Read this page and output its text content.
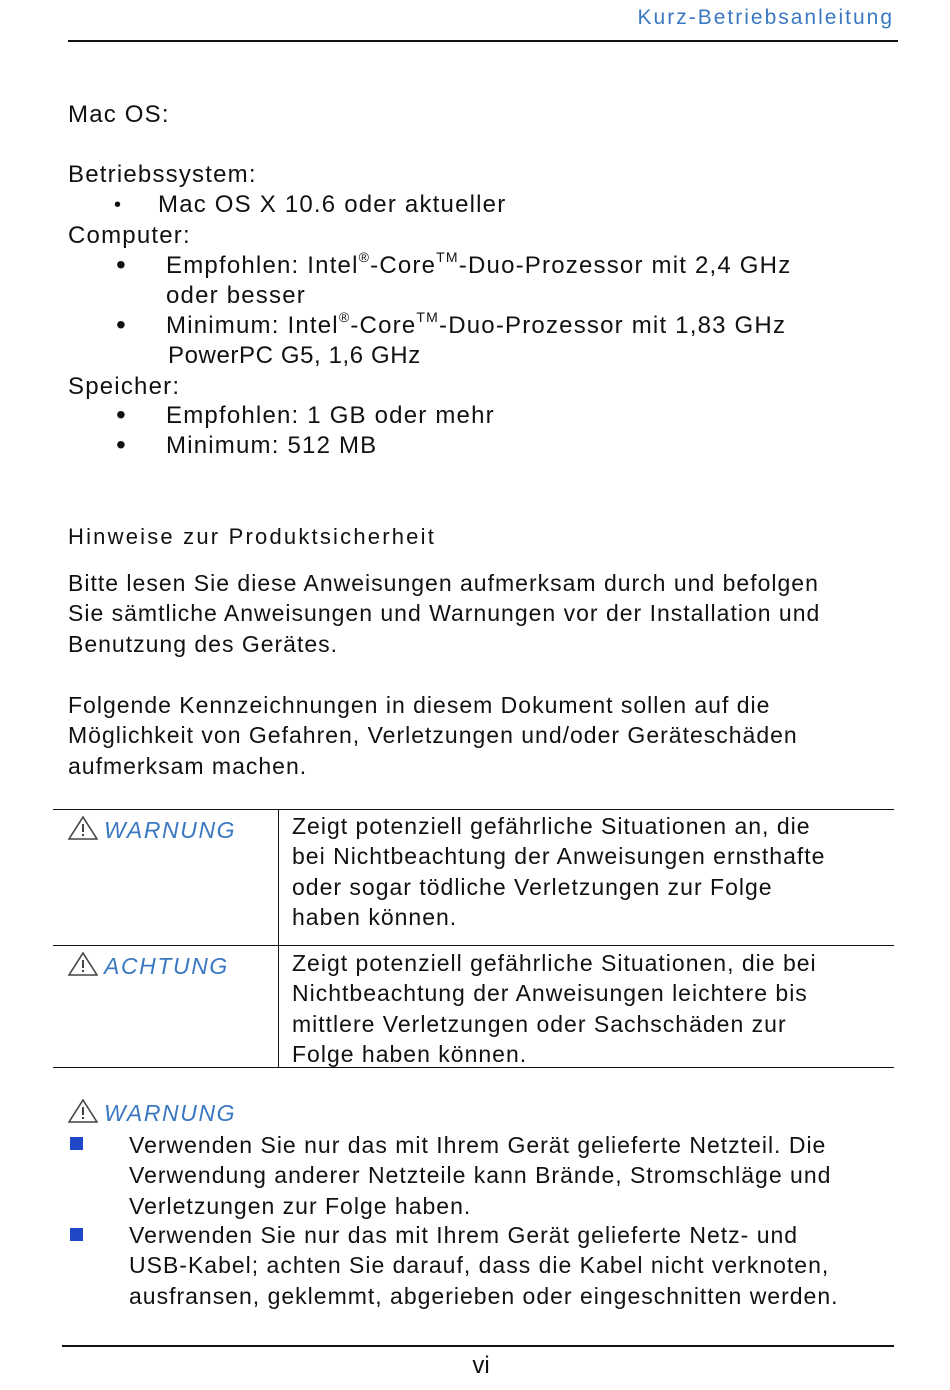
Kurz-Betriebsanleitung
Mac OS:
Betriebssystem:
• Mac OS X 10.6 oder aktueller
Computer:
• Empfohlen: Intel®-Core™-Duo-Prozessor mit 2,4 GHz
oder besser
• Minimum: Intel®-Core™-Duo-Prozessor mit 1,83 GHz
PowerPC G5, 1,6 GHz
Speicher:
• Empfohlen: 1 GB oder mehr
• Minimum: 512 MB
Hinweise zur Produktsicherheit
Bitte lesen Sie diese Anweisungen aufmerksam durch und befolgen
Sie sämtliche Anweisungen und Warnungen vor der Installation und
Benutzung des Gerätes.
Folgende Kennzeichnungen in diesem Dokument sollen auf die
Möglichkeit von Gefahren, Verletzungen und/oder Geräteschäden
aufmerksam machen.
WARNUNG Zeigt potenziell gefährliche Situationen an, die
bei Nichtbeachtung der Anweisungen ernsthafte
oder sogar tödliche Verletzungen zur Folge
haben können.
ACHTUNG	Zeigt potenziell gefährliche Situationen, die bei
Nichtbeachtung der Anweisungen leichtere bis
mittlere Verletzungen oder Sachschäden zur
Folge haben können.
WARNUNG
Verwenden Sie nur das mit Ihrem Gerät gelieferte Netzteil. Die
Verwendung anderer Netzteile kann Brände, Stromschläge und
Verletzungen zur Folge haben.
Verwenden Sie nur das mit Ihrem Gerät gelieferte Netz- und
USB-Kabel; achten Sie darauf, dass die Kabel nicht verknoten,
ausfransen, geklemmt, abgerieben oder eingeschnitten werden.
vi
